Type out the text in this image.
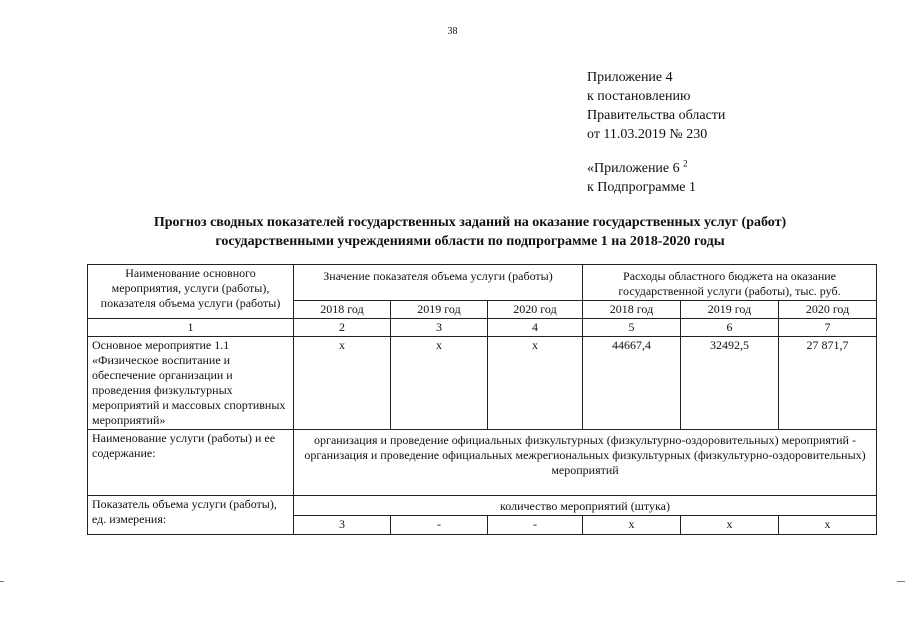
38
Приложение 4
к постановлению
Правительства области
от 11.03.2019 № 230
«Приложение 6 $^2$
к Подпрограмме 1
Прогноз сводных показателей государственных заданий на оказание государственных услуг (работ)
государственными учреждениями области по подпрограмме 1 на 2018-2020 годы
Наименование основного мероприятия, услуги (работы), показателя объема услуги (работы)	Значение показателя объема услуги (работы)			Расходы областного бюджета на оказание государственной услуги (работы), тыс. руб.		
	2018 год	2019 год	2020 год	2018 год	2019 год	2020 год
1	2	3	4	5	6	7
Основное мероприятие 1.1 «Физическое воспитание и обеспечение организации и проведения физкультурных мероприятий и массовых спортивных мероприятий»	х	х	х	44667,4	32492,5	27 871,7
Наименование услуги (работы) и ее содержание:	организация и проведение официальных физкультурных (физкультурно-оздоровительных) мероприятий -
организация и проведение официальных межрегиональных физкультурных (физкультурно-оздоровительных) мероприятий					

Показатель объема услуги (работы), ед. измерения:	количество мероприятий (штука)					
	3	-	-	х	х	х
